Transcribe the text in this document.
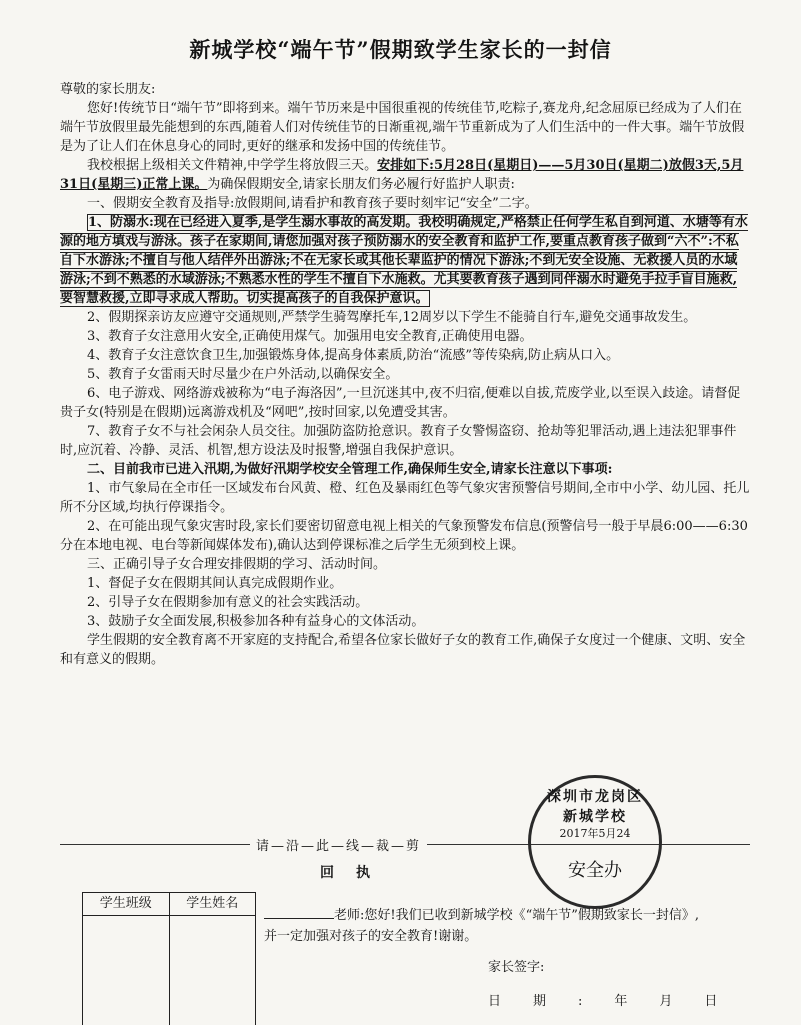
新城学校“端午节”假期致学生家长的一封信

尊敬的家长朋友:

您好!传统节日“端午节”即将到来。端午节历来是中国很重视的传统佳节,吃粽子,赛龙舟,纪念屈原已经成为了人们在端午节放假里最先能想到的东西,随着人们对传统佳节的日渐重视,端午节重新成为了人们生活中的一件大事。端午节放假是为了让人们在休息身心的同时,更好的继承和发扬中国的传统佳节。

我校根据上级相关文件精神,中学学生将放假三天。安排如下:5月28日(星期日)——5月30日(星期二)放假3天,5月31日(星期三)正常上课。为确保假期安全,请家长朋友们务必履行好监护人职责:

一、假期安全教育及指导:放假期间,请看护和教育孩子要时刻牢记“安全”二字。

1、防溺水:现在已经进入夏季,是学生溺水事故的高发期。我校明确规定,严格禁止任何学生私自到河道、水塘等有水源的地方填戏与游泳。孩子在家期间,请您加强对孩子预防溺水的安全教育和监护工作,要重点教育孩子做到“六不”:不私自下水游泳;不擅自与他人结伴外出游泳;不在无家长或其他长辈监护的情况下游泳;不到无安全设施、无救援人员的水域游泳;不到不熟悉的水域游泳;不熟悉水性的学生不擅自下水施救。尤其要教育孩子遇到同伴溺水时避免手拉手盲目施救,要智慧救援,立即寻求成人帮助。切实提高孩子的自我保护意识。

2、假期探亲访友应遵守交通规则,严禁学生骑驾摩托车,12周岁以下学生不能骑自行车,避免交通事故发生。

3、教育子女注意用火安全,正确使用煤气。加强用电安全教育,正确使用电器。

4、教育子女注意饮食卫生,加强锻炼身体,提高身体素质,防治“流感”等传染病,防止病从口入。

5、教育子女雷雨天时尽量少在户外活动,以确保安全。

6、电子游戏、网络游戏被称为“电子海洛因”,一旦沉迷其中,夜不归宿,便难以自拔,荒废学业,以至误入歧途。请督促贵子女(特别是在假期)远离游戏机及“网吧”,按时回家,以免遭受其害。

7、教育子女不与社会闲杂人员交往。加强防盗防抢意识。教育子女警惕盗窃、抢劫等犯罪活动,遇上违法犯罪事件时,应沉着、冷静、灵活、机智,想方设法及时报警,增强自我保护意识。

二、目前我市已进入汛期,为做好汛期学校安全管理工作,确保师生安全,请家长注意以下事项:

1、市气象局在全市任一区域发布台风黄、橙、红色及暴雨红色等气象灾害预警信号期间,全市中小学、幼儿园、托儿所不分区域,均执行停课指令。

2、在可能出现气象灾害时段,家长们要密切留意电视上相关的气象预警发布信息(预警信号一般于早晨6:00——6:30分在本地电视、电台等新闻媒体发布),确认达到停课标准之后学生无须到校上课。

三、正确引导子女合理安排假期的学习、活动时间。

1、督促子女在假期其间认真完成假期作业。

2、引导子女在假期参加有意义的社会实践活动。

3、鼓励子女全面发展,积极参加各种有益身心的文体活动。

学生假期的安全教育离不开家庭的支持配合,希望各位家长做好子女的教育工作,确保子女度过一个健康、文明、安全和有意义的假期。

请—沿—此—线—裁—剪
回执
学生班级	学生姓名
老师:您好!我们已收到新城学校《“端午节”假期致家长一封信》,并一定加强对孩子的安全教育!谢谢。
家长签字:
日期:年月日
深圳市龙岗区新城学校
2017年5月24
安全办
